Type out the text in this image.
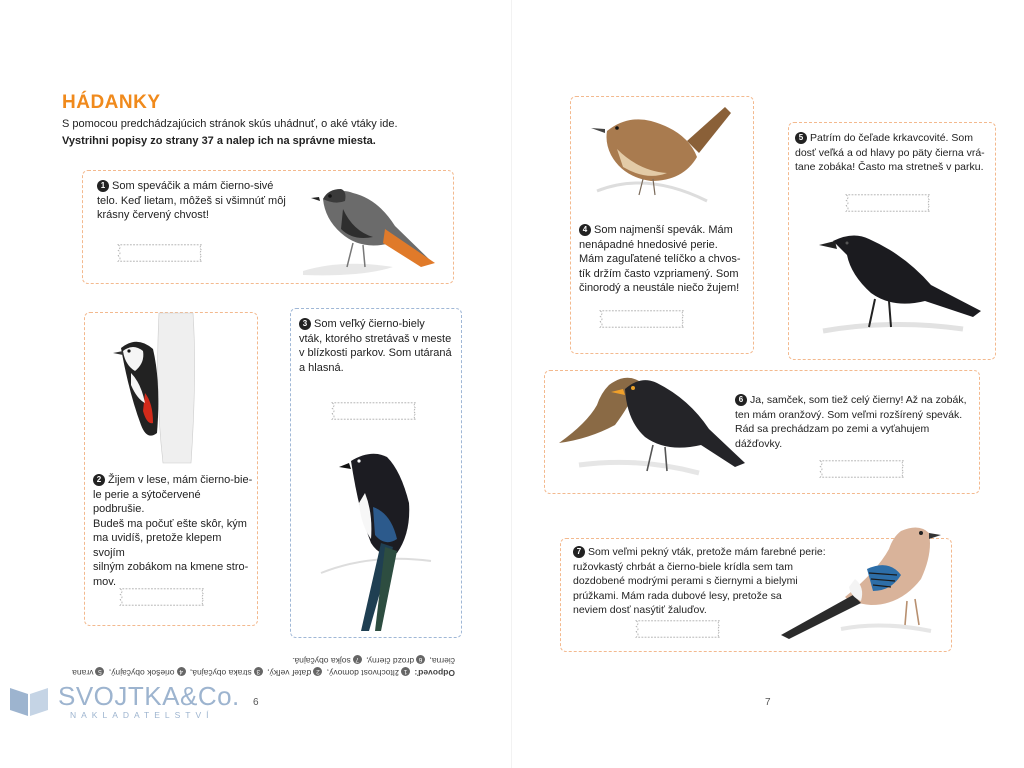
HÁDANKY
S pomocou predchádzajúcich stránok skús uhádnuť, o aké vtáky ide.
Vystrihni popisy zo strany 37 a nalep ich na správne miesta.
1 Som speváčik a mám čierno-sivé
telo. Keď lietam, môžeš si všimnúť môj
krásny červený chvost!
2 Žijem v lese, mám čierno-bie-
le perie a sýtočervené podbrušie.
Budeš ma počuť ešte skôr, kým
ma uvidíš, pretože klepem svojím
silným zobákom na kmene stro-
mov.
3 Som veľký čierno-biely
vták, ktorého stretávaš v meste
v blízkosti parkov. Som utáraná
a hlasná.
Odpoveď: 1žltochvost domový, 2ďateľ veľký, 3straka obyčajná, 4oriešok obyčajný, 5vrana čierna, 6drozd čierny, 7sojka obyčajná.
SVOJTKA&Co.
NAKLADATELSTVÍ
6	7
4 Som najmenší spevák. Mám
nenápadné hnedosivé perie.
Mám zaguľatené telíčko a chvos-
tík držím často vzpriamený. Som
činorodý a neustále niečo žujem!
5 Patrím do čeľade krkavcovité. Som
dosť veľká a od hlavy po päty čierna vrá-
tane zobáka! Často ma stretneš v parku.
6 Ja, samček, som tiež celý čierny! Až na zobák,
ten mám oranžový. Som veľmi rozšírený spevák.
Rád sa prechádzam po zemi a vyťahujem dážďovky.
7 Som veľmi pekný vták, pretože mám farebné perie:
ružovkastý chrbát a čierno-biele krídla sem tam
dozdobené modrými perami s čiernymi a bielymi
prúžkami. Mám rada dubové lesy, pretože sa
neviem dosť nasýtiť žaluďov.
